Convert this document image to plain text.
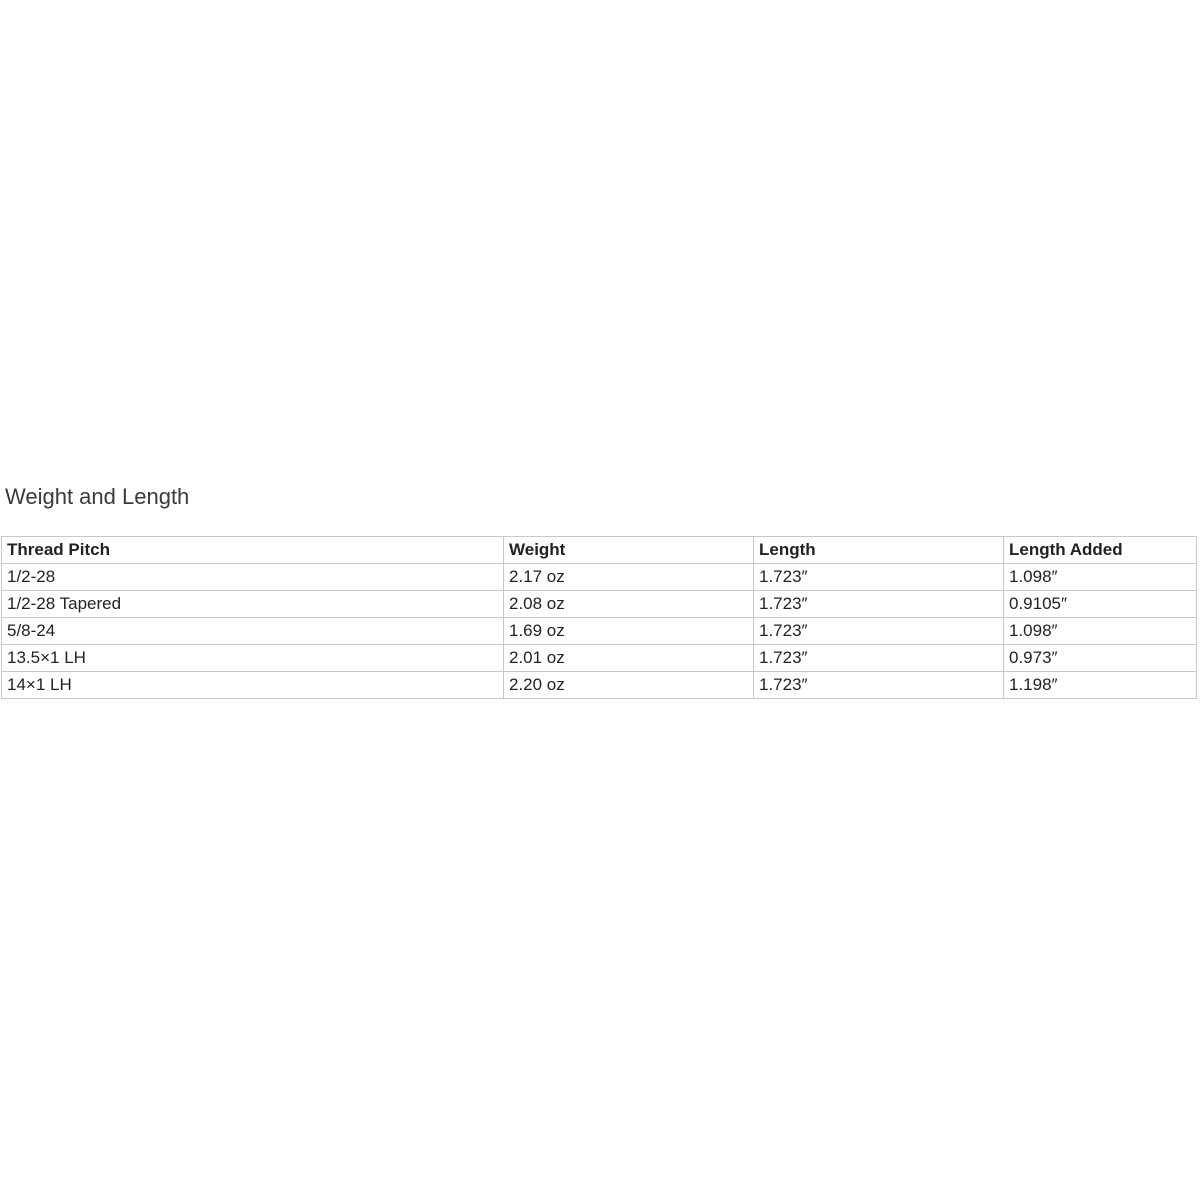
Weight and Length
Thread Pitch	Weight	Length	Length Added
1/2-28	2.17 oz	1.723″	1.098″
1/2-28 Tapered	2.08 oz	1.723″	0.9105″
5/8-24	1.69 oz	1.723″	1.098″
13.5×1 LH	2.01 oz	1.723″	0.973″
14×1 LH	2.20 oz	1.723″	1.198″
